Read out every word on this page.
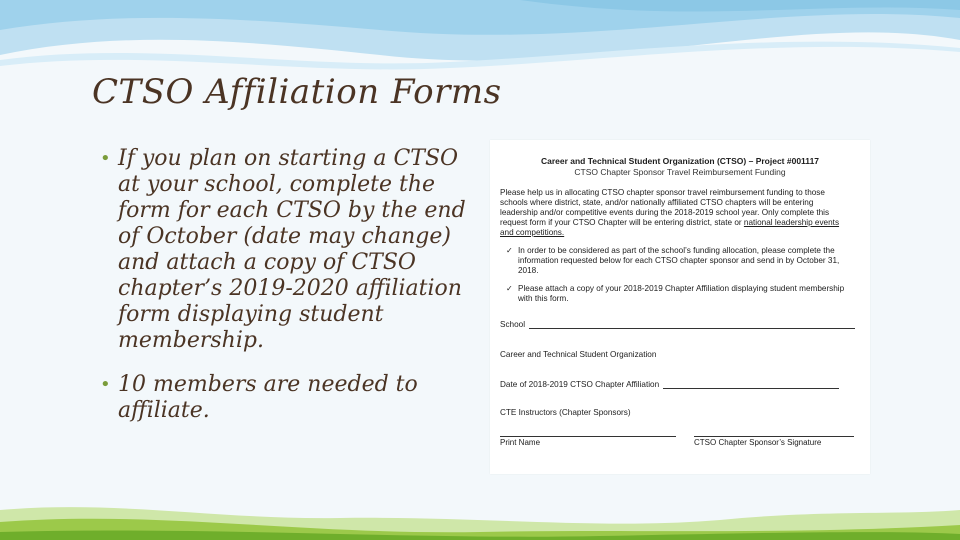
CTSO Affiliation Forms
• If you plan on starting a CTSO at your school, complete the form for each CTSO by the end of October (date may change) and attach a copy of CTSO chapter’s 2019-2020 affiliation form displaying student membership.
• 10 members are needed to affiliate.
Career and Technical Student Organization (CTSO) – Project #001117
CTSO Chapter Sponsor Travel Reimbursement Funding
Please help us in allocating CTSO chapter sponsor travel reimbursement funding to those schools where district, state, and/or nationally affiliated CTSO chapters will be entering leadership and/or competitive events during the 2018-2019 school year. Only complete this request form if your CTSO Chapter will be entering district, state or national leadership events and competitions.
✓ In order to be considered as part of the school’s funding allocation, please complete the information requested below for each CTSO chapter sponsor and send in by October 31, 2018.
✓ Please attach a copy of your 2018-2019 Chapter Affiliation displaying student membership with this form.
School
Career and Technical Student Organization
Date of 2018-2019 CTSO Chapter Affiliation
CTE Instructors (Chapter Sponsors)
Print Name	CTSO Chapter Sponsor’s Signature
